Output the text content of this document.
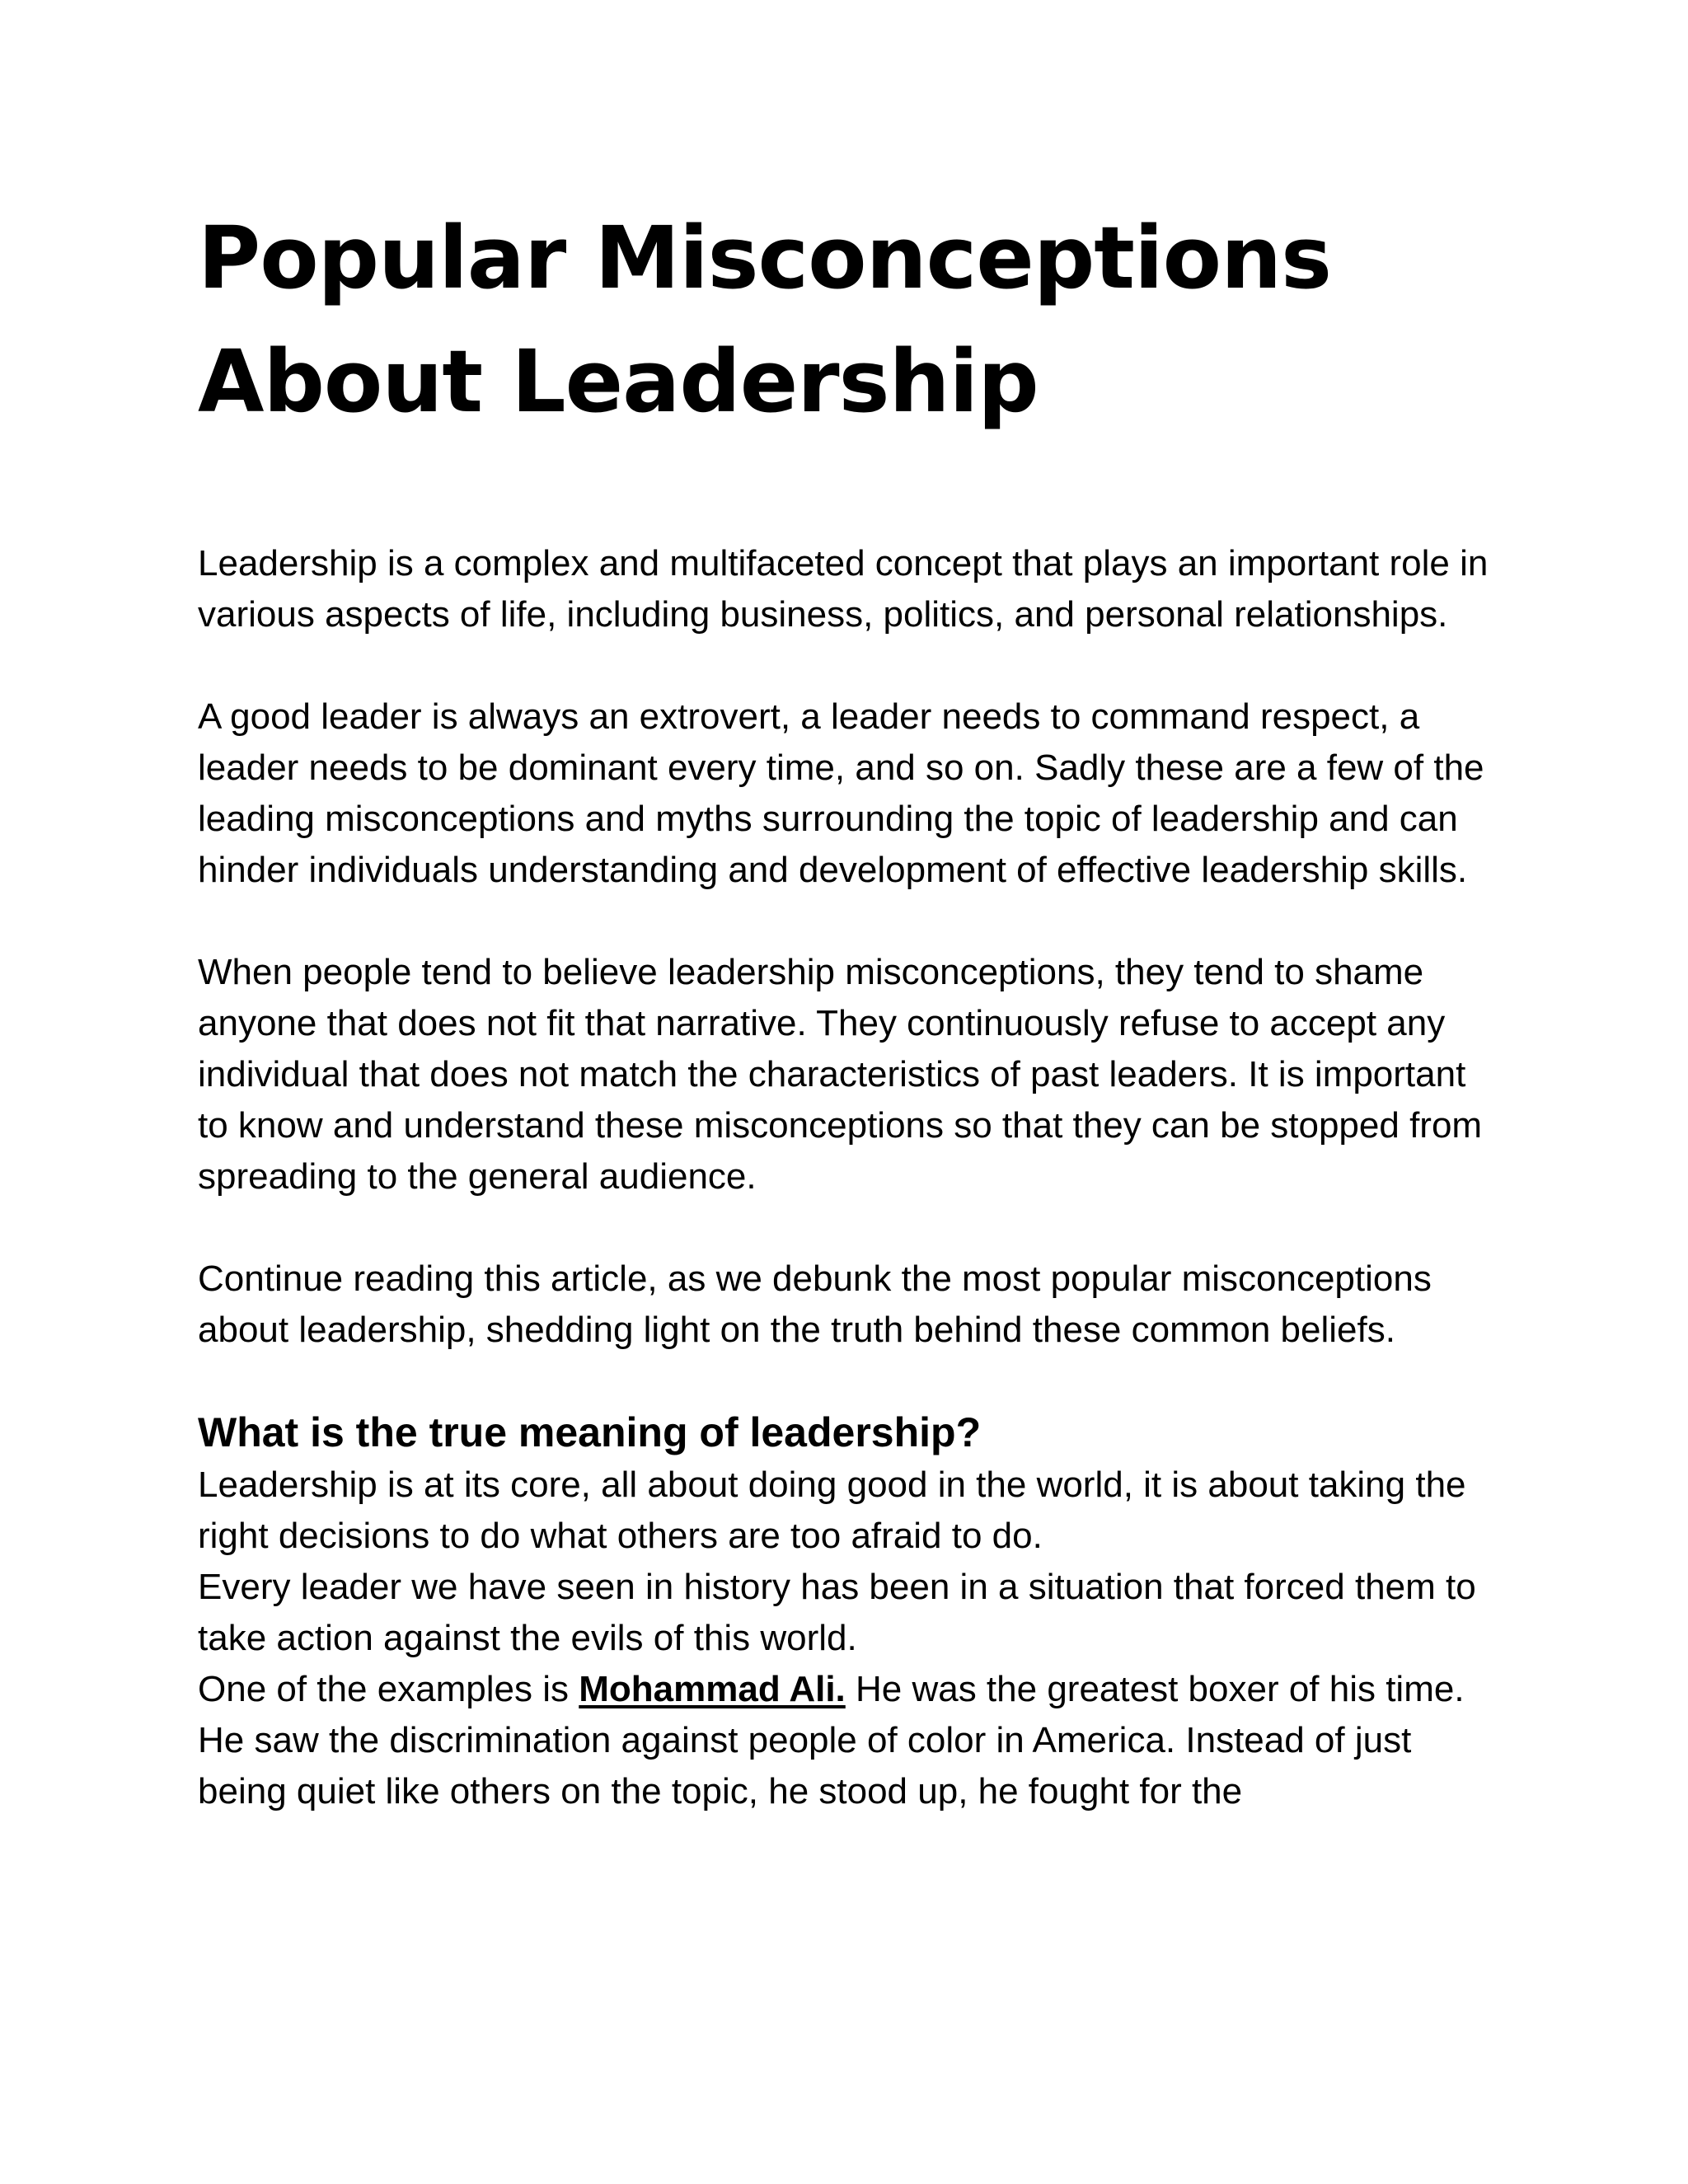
Popular Misconceptions
About Leadership

Leadership is a complex and multifaceted concept that plays an important role in various aspects of life, including business, politics, and personal relationships.

A good leader is always an extrovert, a leader needs to command respect, a leader needs to be dominant every time, and so on. Sadly these are a few of the leading misconceptions and myths surrounding the topic of leadership and can hinder individuals understanding and development of effective leadership skills.

When people tend to believe leadership misconceptions, they tend to shame anyone that does not fit that narrative. They continuously refuse to accept any individual that does not match the characteristics of past leaders. It is important to know and understand these misconceptions so that they can be stopped from spreading to the general audience.

Continue reading this article, as we debunk the most popular misconceptions about leadership, shedding light on the truth behind these common beliefs.

What is the true meaning of leadership?

Leadership is at its core, all about doing good in the world, it is about taking the right decisions to do what others are too afraid to do.

Every leader we have seen in history has been in a situation that forced them to take action against the evils of this world.

One of the examples is Mohammad Ali. He was the greatest boxer of his time. He saw the discrimination against people of color in America. Instead of just being quiet like others on the topic, he stood up, he fought for the
